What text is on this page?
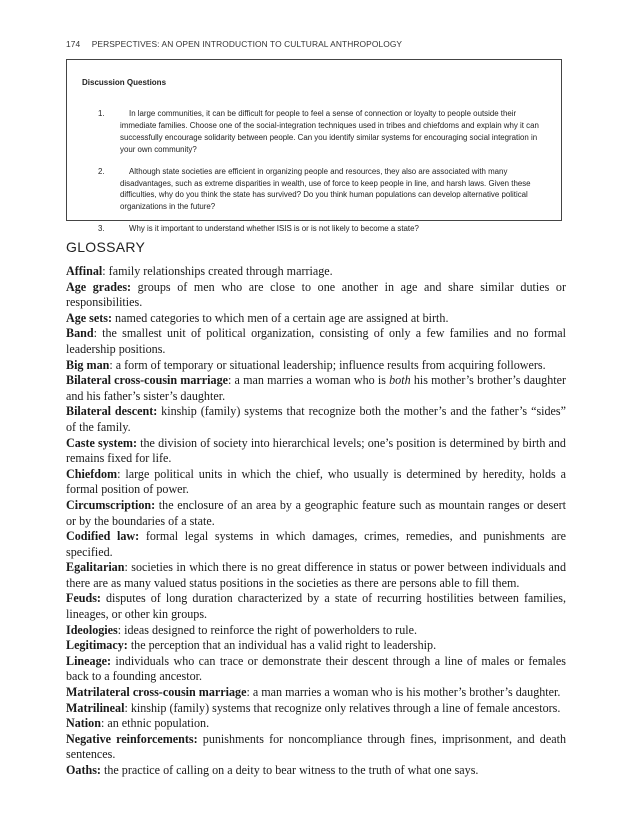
174 PERSPECTIVES: AN OPEN INTRODUCTION TO CULTURAL ANTHROPOLOGY
Discussion Questions
1.	In large communities, it can be difficult for people to feel a sense of connection or loyalty to people outside their immediate families. Choose one of the social-integration techniques used in tribes and chiefdoms and explain why it can successfully encourage solidarity between people. Can you identify similar systems for encouraging social integration in your own community?
2.	Although state societies are efficient in organizing people and resources, they also are associated with many disadvantages, such as extreme disparities in wealth, use of force to keep people in line, and harsh laws. Given these difficulties, why do you think the state has survived? Do you think human populations can develop alternative political organizations in the future?
3.	Why is it important to understand whether ISIS is or is not likely to become a state?
GLOSSARY

Affinal: family relationships created through marriage.

Age grades: groups of men who are close to one another in age and share similar duties or responsibilities.

Age sets: named categories to which men of a certain age are assigned at birth.

Band: the smallest unit of political organization, consisting of only a few families and no formal leadership positions.

Big man: a form of temporary or situational leadership; influence results from acquiring followers.

Bilateral cross-cousin marriage: a man marries a woman who is both his mother’s brother’s daughter and his father’s sister’s daughter.

Bilateral descent: kinship (family) systems that recognize both the mother’s and the father’s “sides” of the family.

Caste system: the division of society into hierarchical levels; one’s position is determined by birth and remains fixed for life.

Chiefdom: large political units in which the chief, who usually is determined by heredity, holds a formal position of power.

Circumscription: the enclosure of an area by a geographic feature such as mountain ranges or desert or by the boundaries of a state.

Codified law: formal legal systems in which damages, crimes, remedies, and punishments are specified.

Egalitarian: societies in which there is no great difference in status or power between individuals and there are as many valued status positions in the societies as there are persons able to fill them.

Feuds: disputes of long duration characterized by a state of recurring hostilities between families, lineages, or other kin groups.

Ideologies: ideas designed to reinforce the right of powerholders to rule.

Legitimacy: the perception that an individual has a valid right to leadership.

Lineage: individuals who can trace or demonstrate their descent through a line of males or females back to a founding ancestor.

Matrilateral cross-cousin marriage: a man marries a woman who is his mother’s brother’s daughter.

Matrilineal: kinship (family) systems that recognize only relatives through a line of female ancestors.

Nation: an ethnic population.

Negative reinforcements: punishments for noncompliance through fines, imprisonment, and death sentences.

Oaths: the practice of calling on a deity to bear witness to the truth of what one says.
